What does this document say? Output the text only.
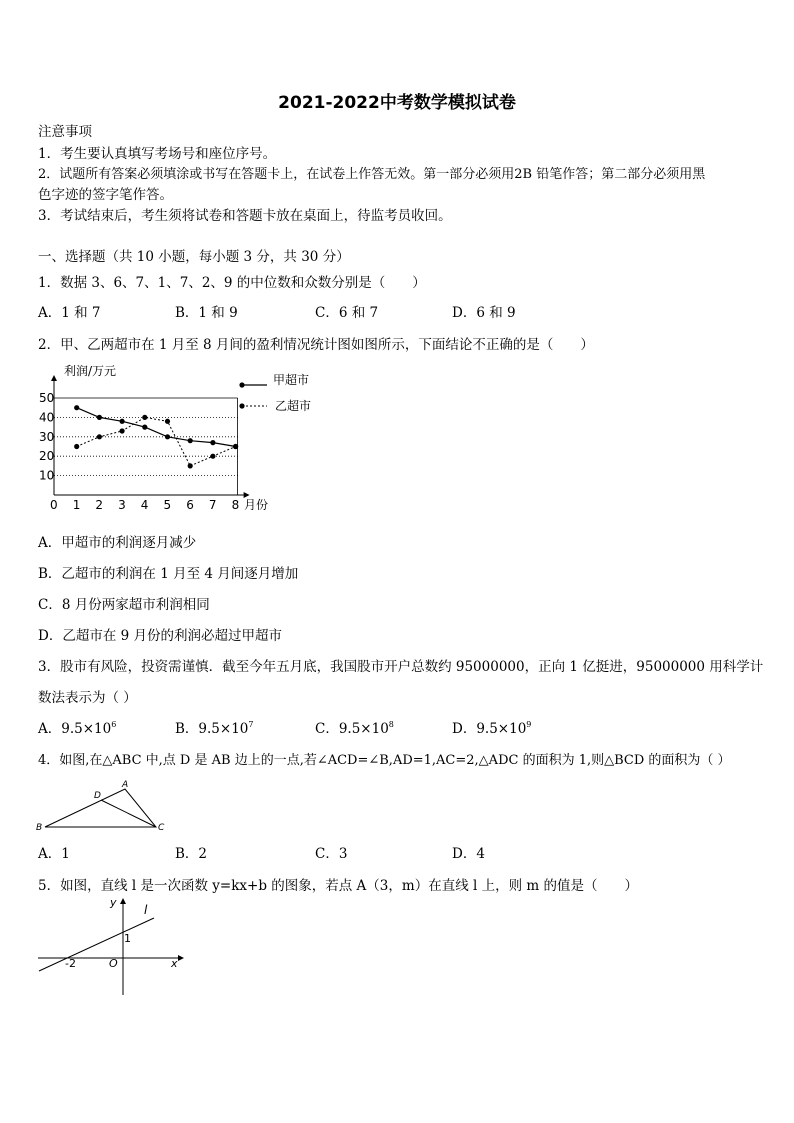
2021-2022中考数学模拟试卷
注意事项
1．考生要认真填写考场号和座位序号。
2．试题所有答案必须填涂或书写在答题卡上，在试卷上作答无效。第一部分必须用2B 铅笔作答；第二部分必须用黑
色字迹的签字笔作答。
3．考试结束后，考生须将试卷和答题卡放在桌面上，待监考员收回。
一、选择题（共 10 小题，每小题 3 分，共 30 分）
1．数据 3、6、7、1、7、2、9 的中位数和众数分别是（　　）
A．1 和 7	B．1 和 9	C．6 和 7	D．6 和 9
2．甲、乙两超市在 1 月至 8 月间的盈利情况统计图如图所示，下面结论不正确的是（　　）
利润/万元
月份
10
20
30
40
50
0 1 2 3 4 5 6 7 8
甲超市
乙超市
A．甲超市的利润逐月减少
B．乙超市的利润在 1 月至 4 月间逐月增加
C．8 月份两家超市利润相同
D．乙超市在 9 月份的利润必超过甲超市
3．股市有风险，投资需谨慎．截至今年五月底，我国股市开户总数约 95000000，正向 1 亿挺进，95000000 用科学计
数法表示为（ ）
A．$9.5\times 10^6$	B．$9.5\times 10^7$	C．$9.5\times 10^8$	D．$9.5\times 10^9$
4．如图,在△ABC 中,点 D 是 AB 边上的一点,若∠ACD=∠B,AD=1,AC=2,△ADC 的面积为 1,则△BCD 的面积为（ ）
A
D
B	C
A．1	B．2	C．3	D．4
5．如图，直线 l 是一次函数 y=kx+b 的图象，若点 A（3，m）在直线 l 上，则 m 的值是（　　）
y
l
1
O
-2	x
